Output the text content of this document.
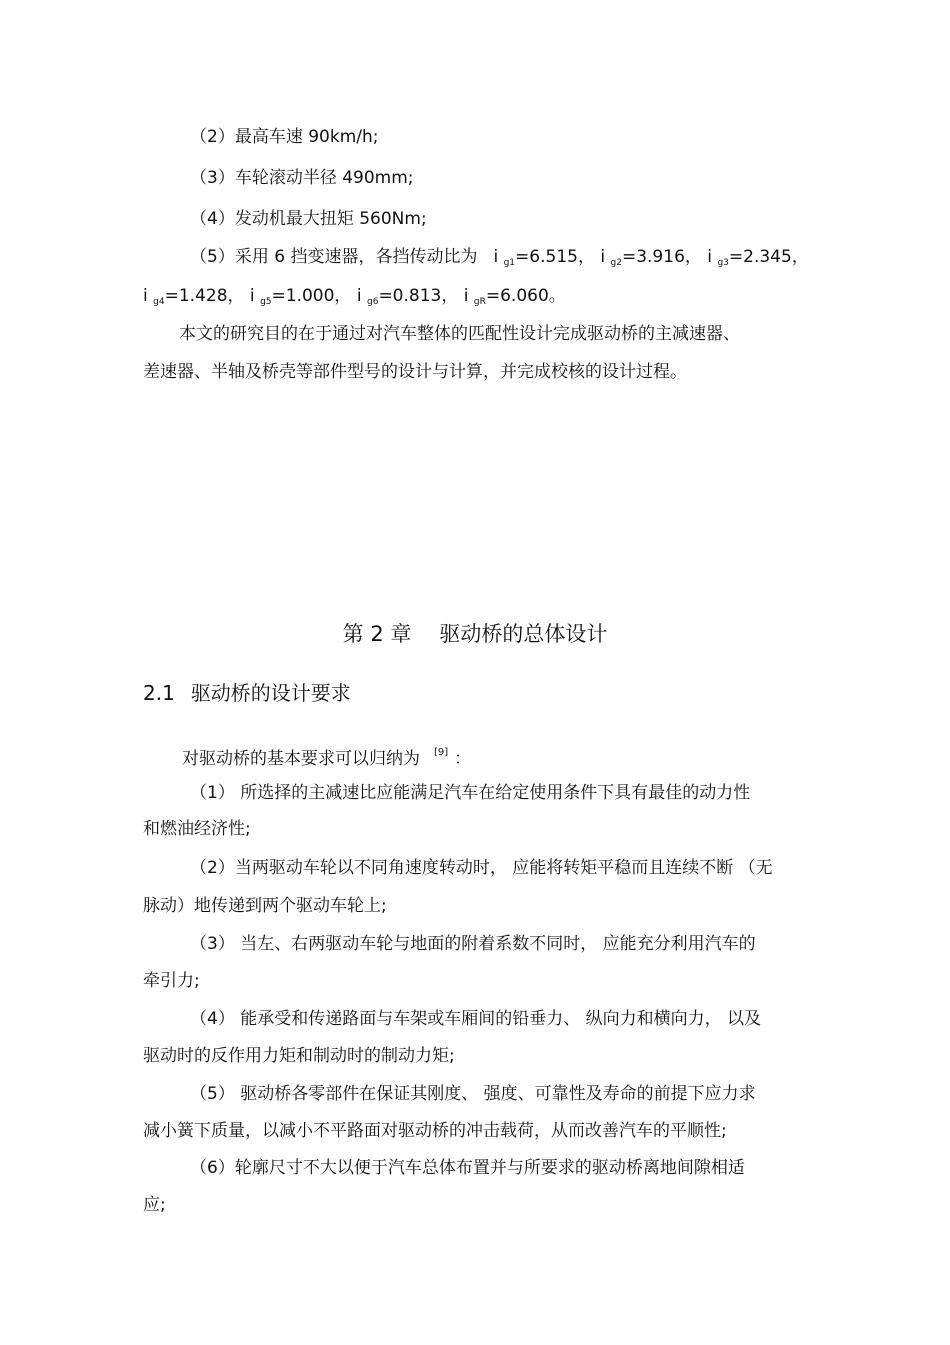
（2）最高车速 90km/h;
（3）车轮滚动半径 490mm;
（4）发动机最大扭矩 560Nm;
（5）采用 6 挡变速器，各挡传动比为 i $_{g1}$=6.515， i $_{g2}$=3.916， i $_{g3}$=2.345，
i $_{g4}$=1.428， i $_{g5}$=1.000， i $_{g6}$=0.813， i $_{gR}$=6.060。
本文的研究目的在于通过对汽车整体的匹配性设计完成驱动桥的主减速器、
差速器、半轴及桥壳等部件型号的设计与计算，并完成校核的设计过程。
第 2 章 驱动桥的总体设计
2.1 驱动桥的设计要求
对驱动桥的基本要求可以归纳为 [9] ：
（1） 所选择的主减速比应能满足汽车在给定使用条件下具有最佳的动力性
和燃油经济性;
（2）当两驱动车轮以不同角速度转动时， 应能将转矩平稳而且连续不断 （无
脉动）地传递到两个驱动车轮上;
（3） 当左、右两驱动车轮与地面的附着系数不同时， 应能充分利用汽车的
牵引力;
（4） 能承受和传递路面与车架或车厢间的铅垂力、 纵向力和横向力， 以及
驱动时的反作用力矩和制动时的制动力矩;
（5） 驱动桥各零部件在保证其刚度、 强度、可靠性及寿命的前提下应力求
减小簧下质量，以减小不平路面对驱动桥的冲击载荷，从而改善汽车的平顺性;
（6）轮廓尺寸不大以便于汽车总体布置并与所要求的驱动桥离地间隙相适
应;
